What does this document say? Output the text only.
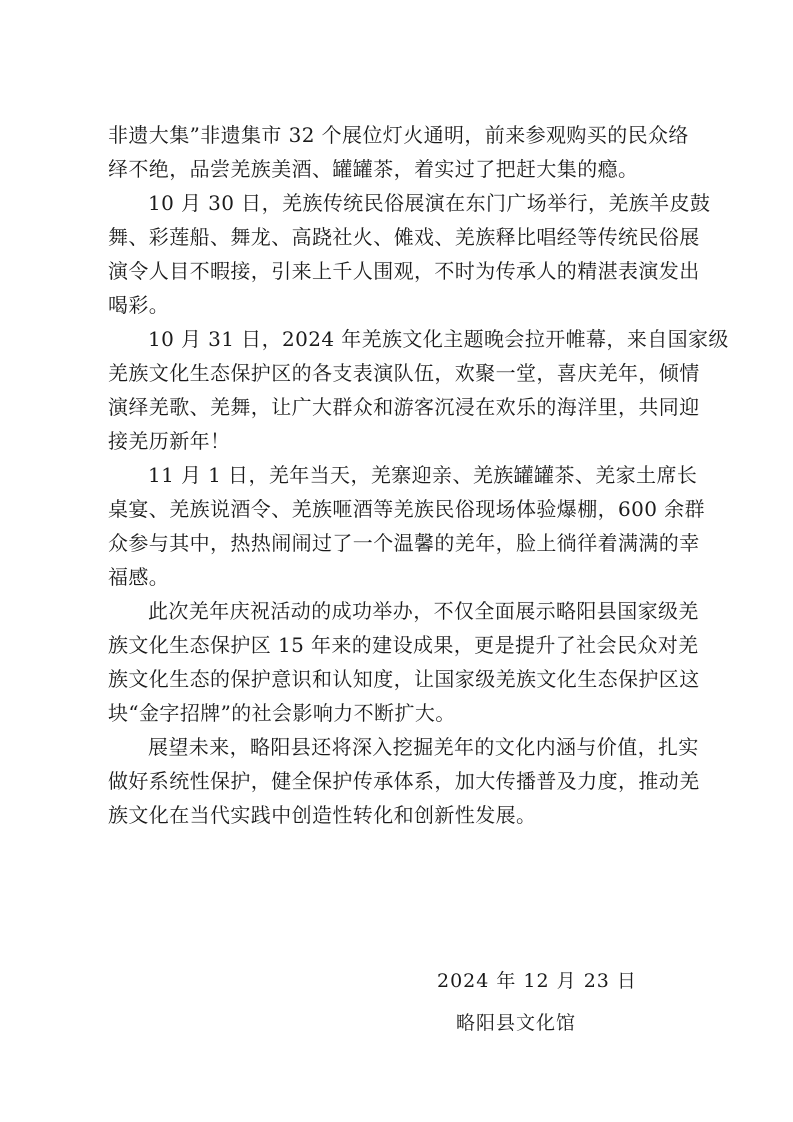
非遗大集”非遗集市 32 个展位灯火通明，前来参观购买的民众络
绎不绝，品尝羌族美酒、罐罐茶，着实过了把赶大集的瘾。
10 月 30 日，羌族传统民俗展演在东门广场举行，羌族羊皮鼓
舞、彩莲船、舞龙、高跷社火、傩戏、羌族释比唱经等传统民俗展
演令人目不暇接，引来上千人围观，不时为传承人的精湛表演发出
喝彩。
10 月 31 日，2024 年羌族文化主题晚会拉开帷幕，来自国家级
羌族文化生态保护区的各支表演队伍，欢聚一堂，喜庆羌年，倾情
演绎羌歌、羌舞，让广大群众和游客沉浸在欢乐的海洋里，共同迎
接羌历新年！
11 月 1 日，羌年当天，羌寨迎亲、羌族罐罐茶、羌家土席长
桌宴、羌族说酒令、羌族咂酒等羌族民俗现场体验爆棚，600 余群
众参与其中，热热闹闹过了一个温馨的羌年，脸上徜徉着满满的幸
福感。
此次羌年庆祝活动的成功举办，不仅全面展示略阳县国家级羌
族文化生态保护区 15 年来的建设成果，更是提升了社会民众对羌
族文化生态的保护意识和认知度，让国家级羌族文化生态保护区这
块“金字招牌”的社会影响力不断扩大。
展望未来，略阳县还将深入挖掘羌年的文化内涵与价值，扎实
做好系统性保护，健全保护传承体系，加大传播普及力度，推动羌
族文化在当代实践中创造性转化和创新性发展。
2024 年 12 月 23 日
略阳县文化馆
